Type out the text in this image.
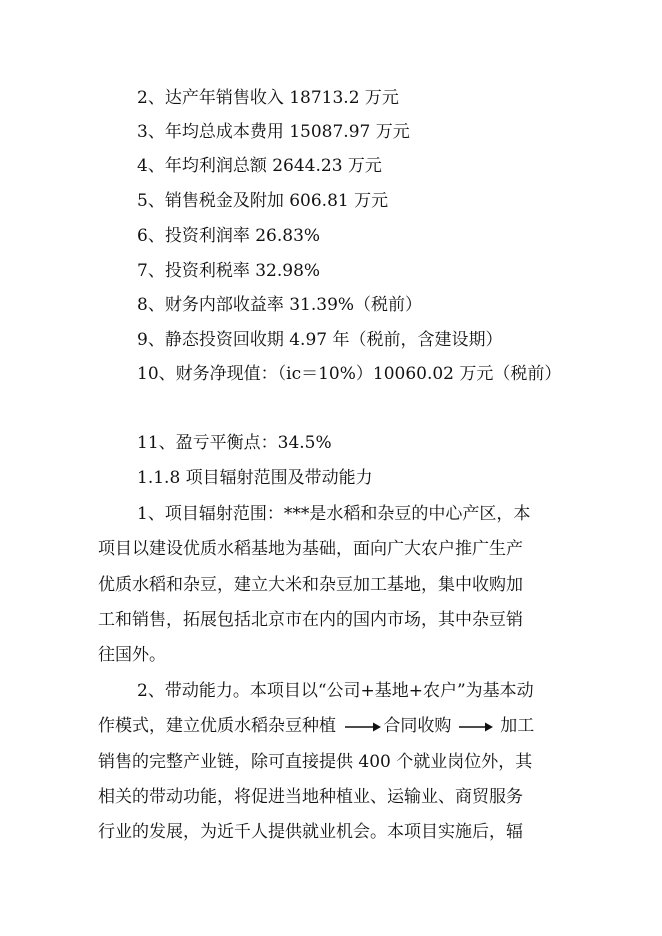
2、达产年销售收入 18713.2 万元
3、年均总成本费用 15087.97 万元
4、年均利润总额 2644.23 万元
5、销售税金及附加 606.81 万元
6、投资利润率 26.83%
7、投资利税率 32.98%
8、财务内部收益率 31.39%（税前）
9、静态投资回收期 4.97 年（税前，含建设期）
10、财务净现值：（ic＝10%）10060.02 万元（税前）
11、盈亏平衡点：34.5%
1.1.8 项目辐射范围及带动能力
1、项目辐射范围：***是水稻和杂豆的中心产区，本
项目以建设优质水稻基地为基础，面向广大农户推广生产
优质水稻和杂豆，建立大米和杂豆加工基地，集中收购加
工和销售，拓展包括北京市在内的国内市场，其中杂豆销
往国外。
2、带动能力。本项目以“公司+基地+农户”为基本动
作模式，建立优质水稻杂豆种植	合同收购	加工
销售的完整产业链，除可直接提供 400 个就业岗位外，其
相关的带动功能，将促进当地种植业、运输业、商贸服务
行业的发展，为近千人提供就业机会。本项目实施后，辐
